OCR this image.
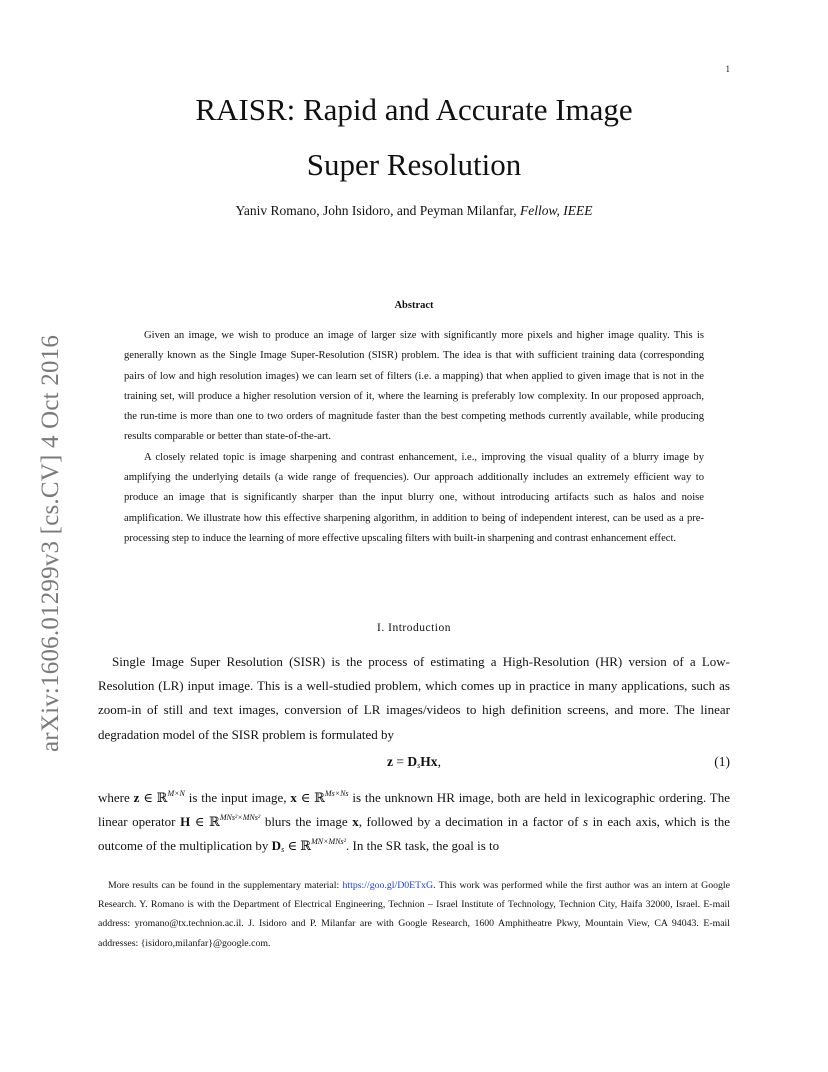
1
arXiv:1606.01299v3 [cs.CV] 4 Oct 2016
RAISR: Rapid and Accurate Image
Super Resolution
Yaniv Romano, John Isidoro, and Peyman Milanfar, Fellow, IEEE
Abstract

Given an image, we wish to produce an image of larger size with significantly more pixels and higher image quality. This is generally known as the Single Image Super-Resolution (SISR) problem. The idea is that with sufficient training data (corresponding pairs of low and high resolution images) we can learn set of filters (i.e. a mapping) that when applied to given image that is not in the training set, will produce a higher resolution version of it, where the learning is preferably low complexity. In our proposed approach, the run-time is more than one to two orders of magnitude faster than the best competing methods currently available, while producing results comparable or better than state-of-the-art.

A closely related topic is image sharpening and contrast enhancement, i.e., improving the visual quality of a blurry image by amplifying the underlying details (a wide range of frequencies). Our approach additionally includes an extremely efficient way to produce an image that is significantly sharper than the input blurry one, without introducing artifacts such as halos and noise amplification. We illustrate how this effective sharpening algorithm, in addition to being of independent interest, can be used as a pre-processing step to induce the learning of more effective upscaling filters with built-in sharpening and contrast enhancement effect.

I. Introduction

Single Image Super Resolution (SISR) is the process of estimating a High-Resolution (HR) version of a Low-Resolution (LR) input image. This is a well-studied problem, which comes up in practice in many applications, such as zoom-in of still and text images, conversion of LR images/videos to high definition screens, and more. The linear degradation model of the SISR problem is formulated by

$z = D_sHx$,	(1)

where z ∈ ℝ$^{M\times N}$ is the input image, x ∈ ℝ$^{Ms\times Ns}$ is the unknown HR image, both are held in lexicographic ordering. The linear operator H ∈ ℝ$^{MNs^2\times MNs^2}$ blurs the image x, followed by a decimation in a factor of s in each axis, which is the outcome of the multiplication by $D_s$ ∈ ℝ$^{MN\times MNs^2}$. In the SR task, the goal is to

More results can be found in the supplementary material: https://goo.gl/D0ETxG. This work was performed while the first author was an intern at Google Research. Y. Romano is with the Department of Electrical Engineering, Technion – Israel Institute of Technology, Technion City, Haifa 32000, Israel. E-mail address: yromano@tx.technion.ac.il. J. Isidoro and P. Milanfar are with Google Research, 1600 Amphitheatre Pkwy, Mountain View, CA 94043. E-mail addresses: {isidoro,milanfar}@google.com.
